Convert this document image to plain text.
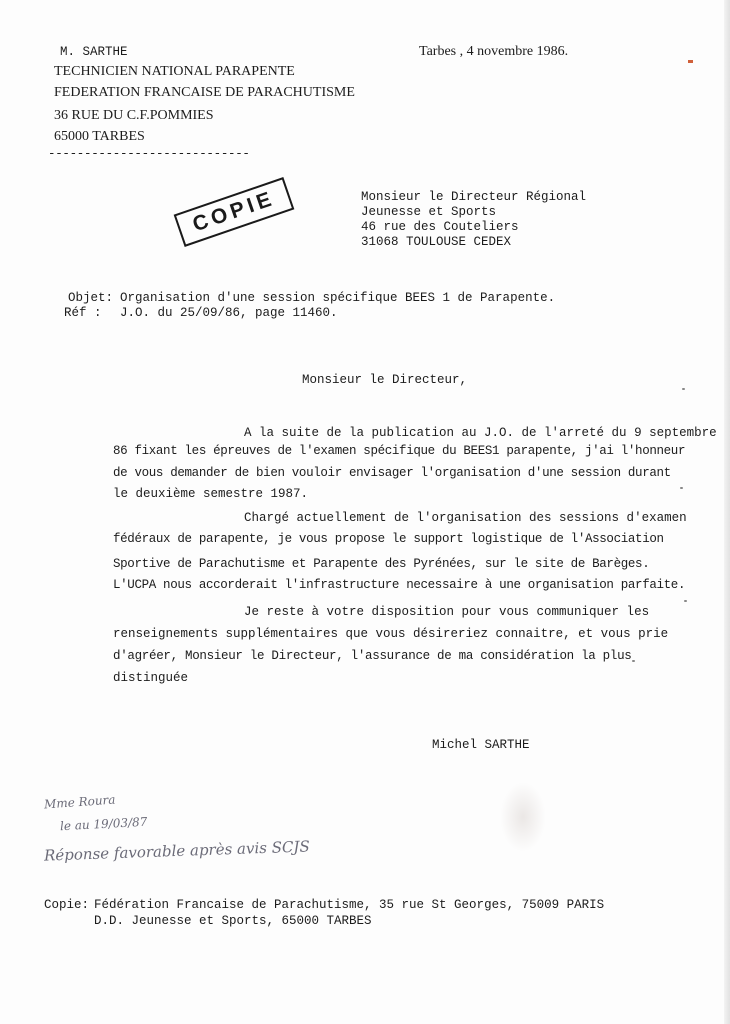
M. SARTHE
TECHNICIEN NATIONAL PARAPENTE
FEDERATION FRANCAISE DE PARACHUTISME
36 RUE DU C.F.POMMIES
65000 TARBES
----------------------------
Tarbes , 4 novembre 1986.
COPIE	Monsieur le Directeur Régional
Jeunesse et Sports
46 rue des Couteliers
31068 TOULOUSE CEDEX
Objet: Organisation d'une session spécifique BEES 1 de Parapente.
Réf : J.O. du 25/09/86, page 11460.
Monsieur le Directeur,
A la suite de la publication au J.O. de l'arreté du 9 septembre
86 fixant les épreuves de l'examen spécifique du BEES1 parapente, j'ai l'honneur
de vous demander de bien vouloir envisager l'organisation d'une session durant
le deuxième semestre 1987.
Chargé actuellement de l'organisation des sessions d'examen
fédéraux de parapente, je vous propose le support logistique de l'Association
Sportive de Parachutisme et Parapente des Pyrénées, sur le site de Barèges.
L'UCPA nous accorderait l'infrastructure necessaire à une organisation parfaite.
Je reste à votre disposition pour vous communiquer les
renseignements supplémentaires que vous désireriez connaitre, et vous prie
d'agréer, Monsieur le Directeur, l'assurance de ma considération la plus
distinguée
Michel SARTHE
Mme Roura
le au 19/03/87
Réponse favorable après avis SCJS
Copie: Fédération Francaise de Parachutisme, 35 rue St Georges, 75009 PARIS
D.D. Jeunesse et Sports, 65000 TARBES
